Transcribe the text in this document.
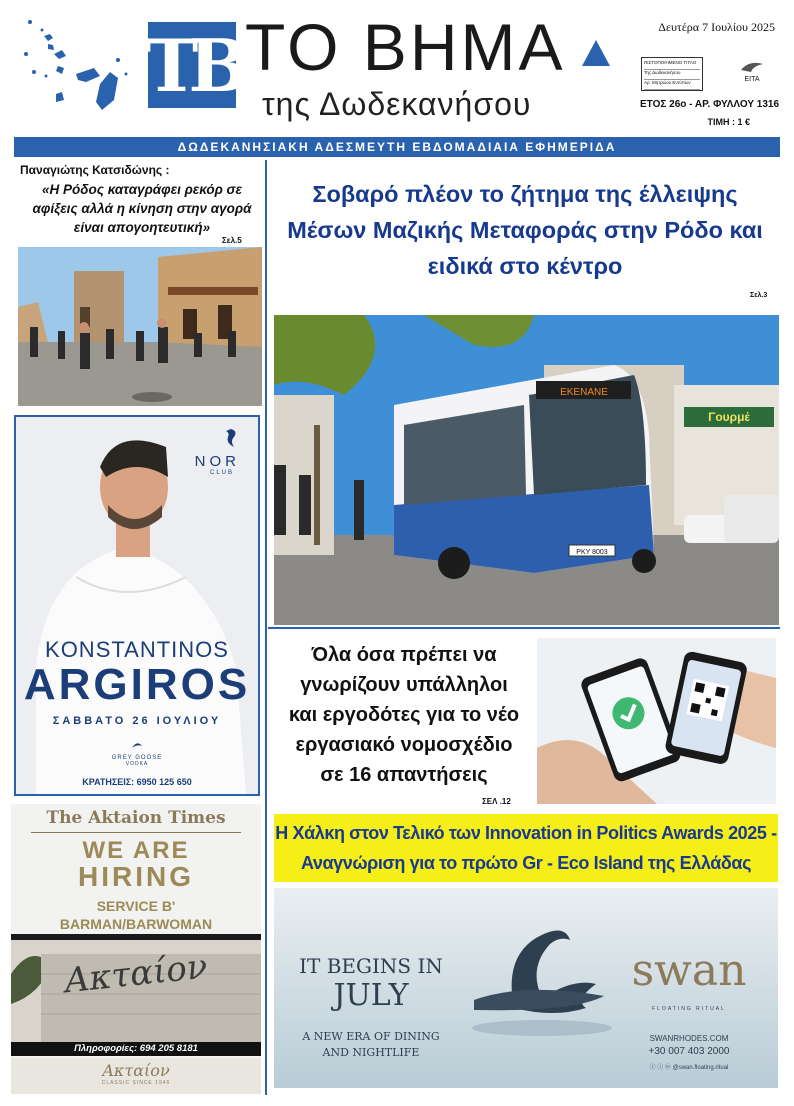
ΤΒ ΤΟ ΒΗΜΑ
της Δωδεκανήσου
Δευτέρα 7 Ιουλίου 2025
ΠΙΣΤΟΠΟΙΗΜΕΝΟ ΤΙΤΛΟ
Της Δωδεκανήσου
Αρ. Μητρώου Εντύπων	ΕΙΤΑ
ΕΤΟΣ 26ο - ΑΡ. ΦΥΛΛΟΥ 1316
ΤΙΜΗ : 1 €
ΔΩΔΕΚΑΝΗΣΙΑΚΗ ΑΔΕΣΜΕΥΤΗ ΕΒΔΟΜΑΔΙΑΙΑ ΕΦΗΜΕΡΙΔΑ
Παναγιώτης Κατσιδώνης :
«Η Ρόδος καταγράφει ρεκόρ σε αφίξεις αλλά η κίνηση στην αγορά είναι απογοητευτική»
Σελ.5
NOR
CLUB
KONSTANTINOS
ARGIROS
ΣΑΒΒΑΤΟ 26 ΙΟΥΛΙΟΥ
GREY GOOSE
VODKA
ΚΡΑΤΗΣΕΙΣ: 6950 125 650
The Aktaion Times
WE ARE
HIRING
SERVICE B'
BARMAN/BARWOMAN
Ακταίον
Πληροφορίες: 694 205 8181
Ακταίον
CLASSIC SINCE 1946
Σοβαρό πλέον το ζήτημα της έλλειψης Μέσων Μαζικής Μεταφοράς στην Ρόδο και ειδικά στο κέντρο
Σελ.3
Γουρμέ
ΕΚΕΝΑΝΕ
ΡΚΥ 8003
Όλα όσα πρέπει να γνωρίζουν υπάλληλοι και εργοδότες για το νέο εργασιακό νομοσχέδιο σε 16 απαντήσεις
ΣΕΛ .12
Η Χάλκη στον Τελικό των Innovation in Politics Awards 2025 - Αναγνώριση για το πρώτο Gr - Eco Island της Ελλάδας
IT BEGINS IN
JULY
A NEW ERA OF DINING
AND NIGHTLIFE
swan
FLOATING RITUAL
SWANRHODES.COM
+30 007 403 2000
ⓕ ⓘ ⓦ @swan.floating.ritual
